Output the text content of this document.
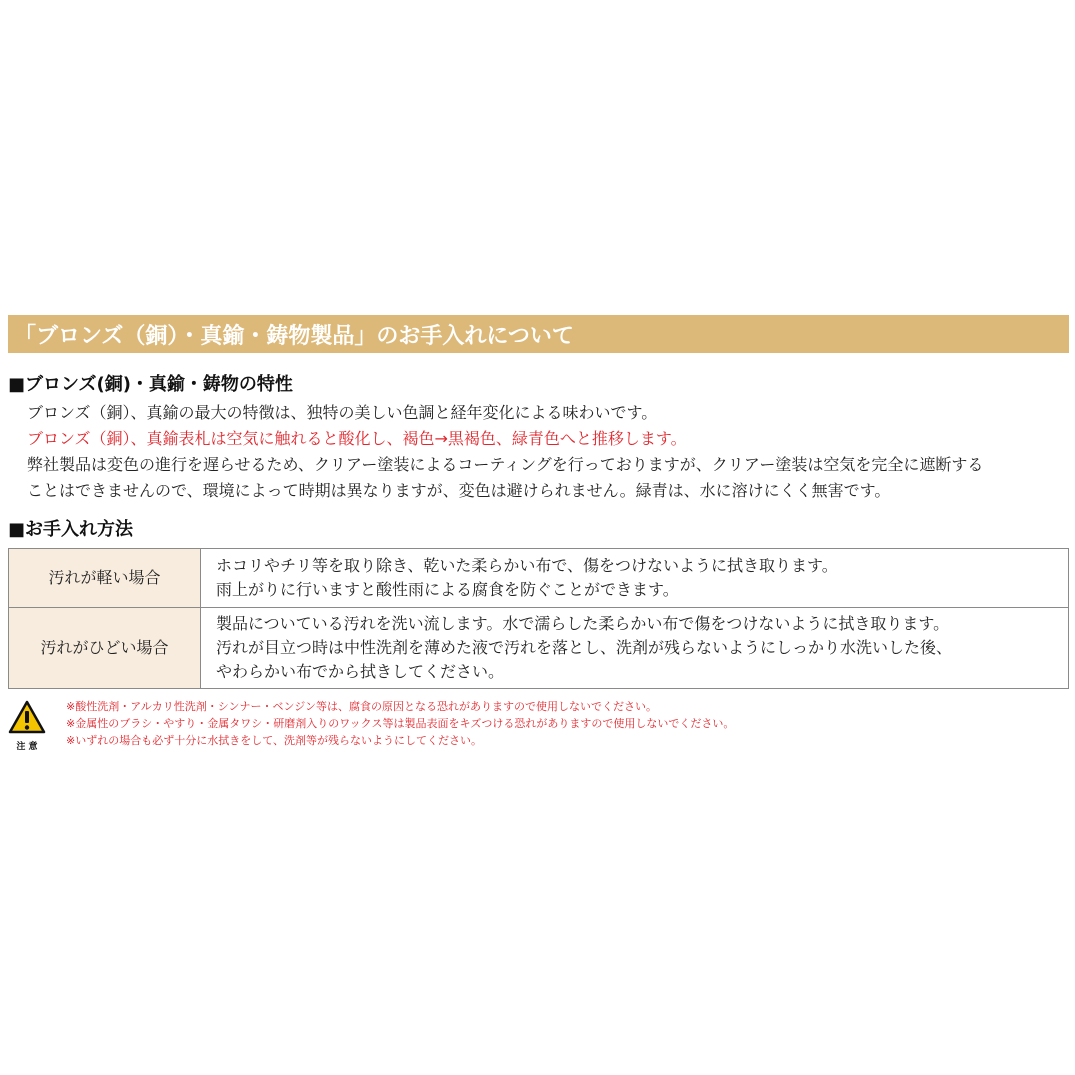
「ブロンズ（銅）・真鍮・鋳物製品」のお手入れについて
■ブロンズ(銅)・真鍮・鋳物の特性
ブロンズ（銅）、真鍮の最大の特徴は、独特の美しい色調と経年変化による味わいです。
ブロンズ（銅）、真鍮表札は空気に触れると酸化し、褐色→黒褐色、緑青色へと推移します。
弊社製品は変色の進行を遅らせるため、クリアー塗装によるコーティングを行っておりますが、クリアー塗装は空気を完全に遮断する
ことはできませんので、環境によって時期は異なりますが、変色は避けられません。緑青は、水に溶けにくく無害です。
■お手入れ方法
汚れが軽い場合	ホコリやチリ等を取り除き、乾いた柔らかい布で、傷をつけないように拭き取ります。
雨上がりに行いますと酸性雨による腐食を防ぐことができます。

汚れがひどい場合	製品についている汚れを洗い流します。水で濡らした柔らかい布で傷をつけないように拭き取ります。
汚れが目立つ時は中性洗剤を薄めた液で汚れを落とし、洗剤が残らないようにしっかり水洗いした後、
やわらかい布でから拭きしてください。
注 意
※酸性洗剤・アルカリ性洗剤・シンナー・ベンジン等は、腐食の原因となる恐れがありますので使用しないでください。
※金属性のブラシ・やすり・金属タワシ・研磨剤入りのワックス等は製品表面をキズつける恐れがありますので使用しないでください。
※いずれの場合も必ず十分に水拭きをして、洗剤等が残らないようにしてください。
